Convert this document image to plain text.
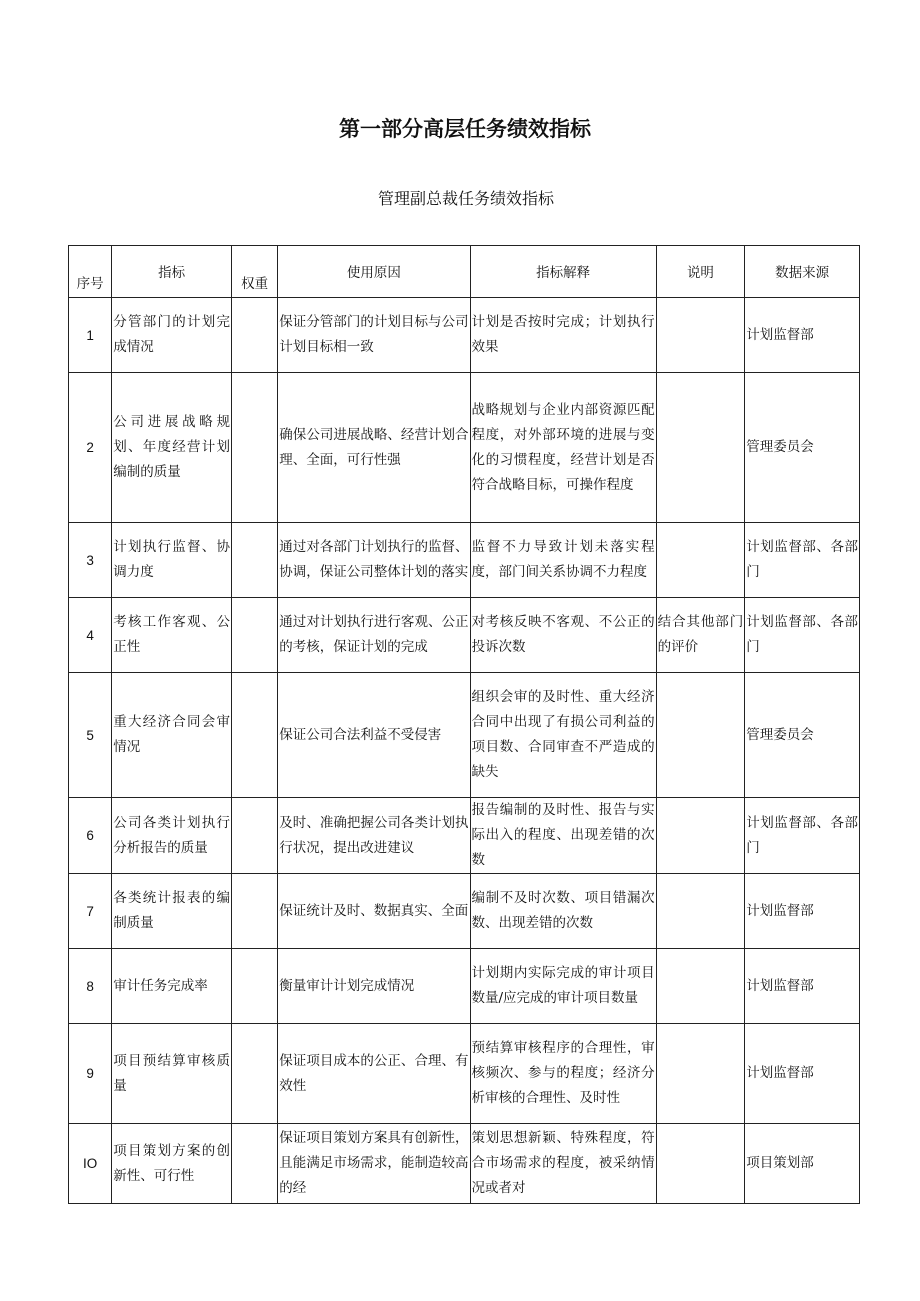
第一部分高层任务绩效指标
管理副总裁任务绩效指标
序号	指标	权重	使用原因	指标解释	说明	数据来源
1	分管部门的计划完成情况		保证分管部门的计划目标与公司计划目标相一致	计划是否按时完成；计划执行效果		计划监督部
2	公司进展战略规划、年度经营计划编制的质量		确保公司进展战略、经营计划合理、全面，可行性强	战略规划与企业内部资源匹配程度，对外部环境的进展与变化的习惯程度，经营计划是否符合战略目标，可操作程度		管理委员会
3	计划执行监督、协调力度		通过对各部门计划执行的监督、协调，保证公司整体计划的落实	监督不力导致计划未落实程度，部门间关系协调不力程度		计划监督部、各部门
4	考核工作客观、公正性		通过对计划执行进行客观、公正的考核，保证计划的完成	对考核反映不客观、不公正的投诉次数	结合其他部门的评价	计划监督部、各部门
5	重大经济合同会审情况		保证公司合法利益不受侵害	组织会审的及时性、重大经济合同中出现了有损公司利益的项目数、合同审查不严造成的缺失		管理委员会
6	公司各类计划执行分析报告的质量		及时、准确把握公司各类计划执行状况，提出改进建议	报告编制的及时性、报告与实际出入的程度、出现差错的次数		计划监督部、各部门
7	各类统计报表的编制质量		保证统计及时、数据真实、全面	编制不及时次数、项目错漏次数、出现差错的次数		计划监督部
8	审计任务完成率		衡量审计计划完成情况	计划期内实际完成的审计项目数量/应完成的审计项目数量		计划监督部
9	项目预结算审核质量		保证项目成本的公正、合理、有效性	预结算审核程序的合理性，审核频次、参与的程度；经济分析审核的合理性、及时性		计划监督部
IO	项目策划方案的创新性、可行性		保证项目策划方案具有创新性，且能满足市场需求，能制造较高的经	策划思想新颖、特殊程度，符合市场需求的程度，被采纳情况或者对		项目策划部
